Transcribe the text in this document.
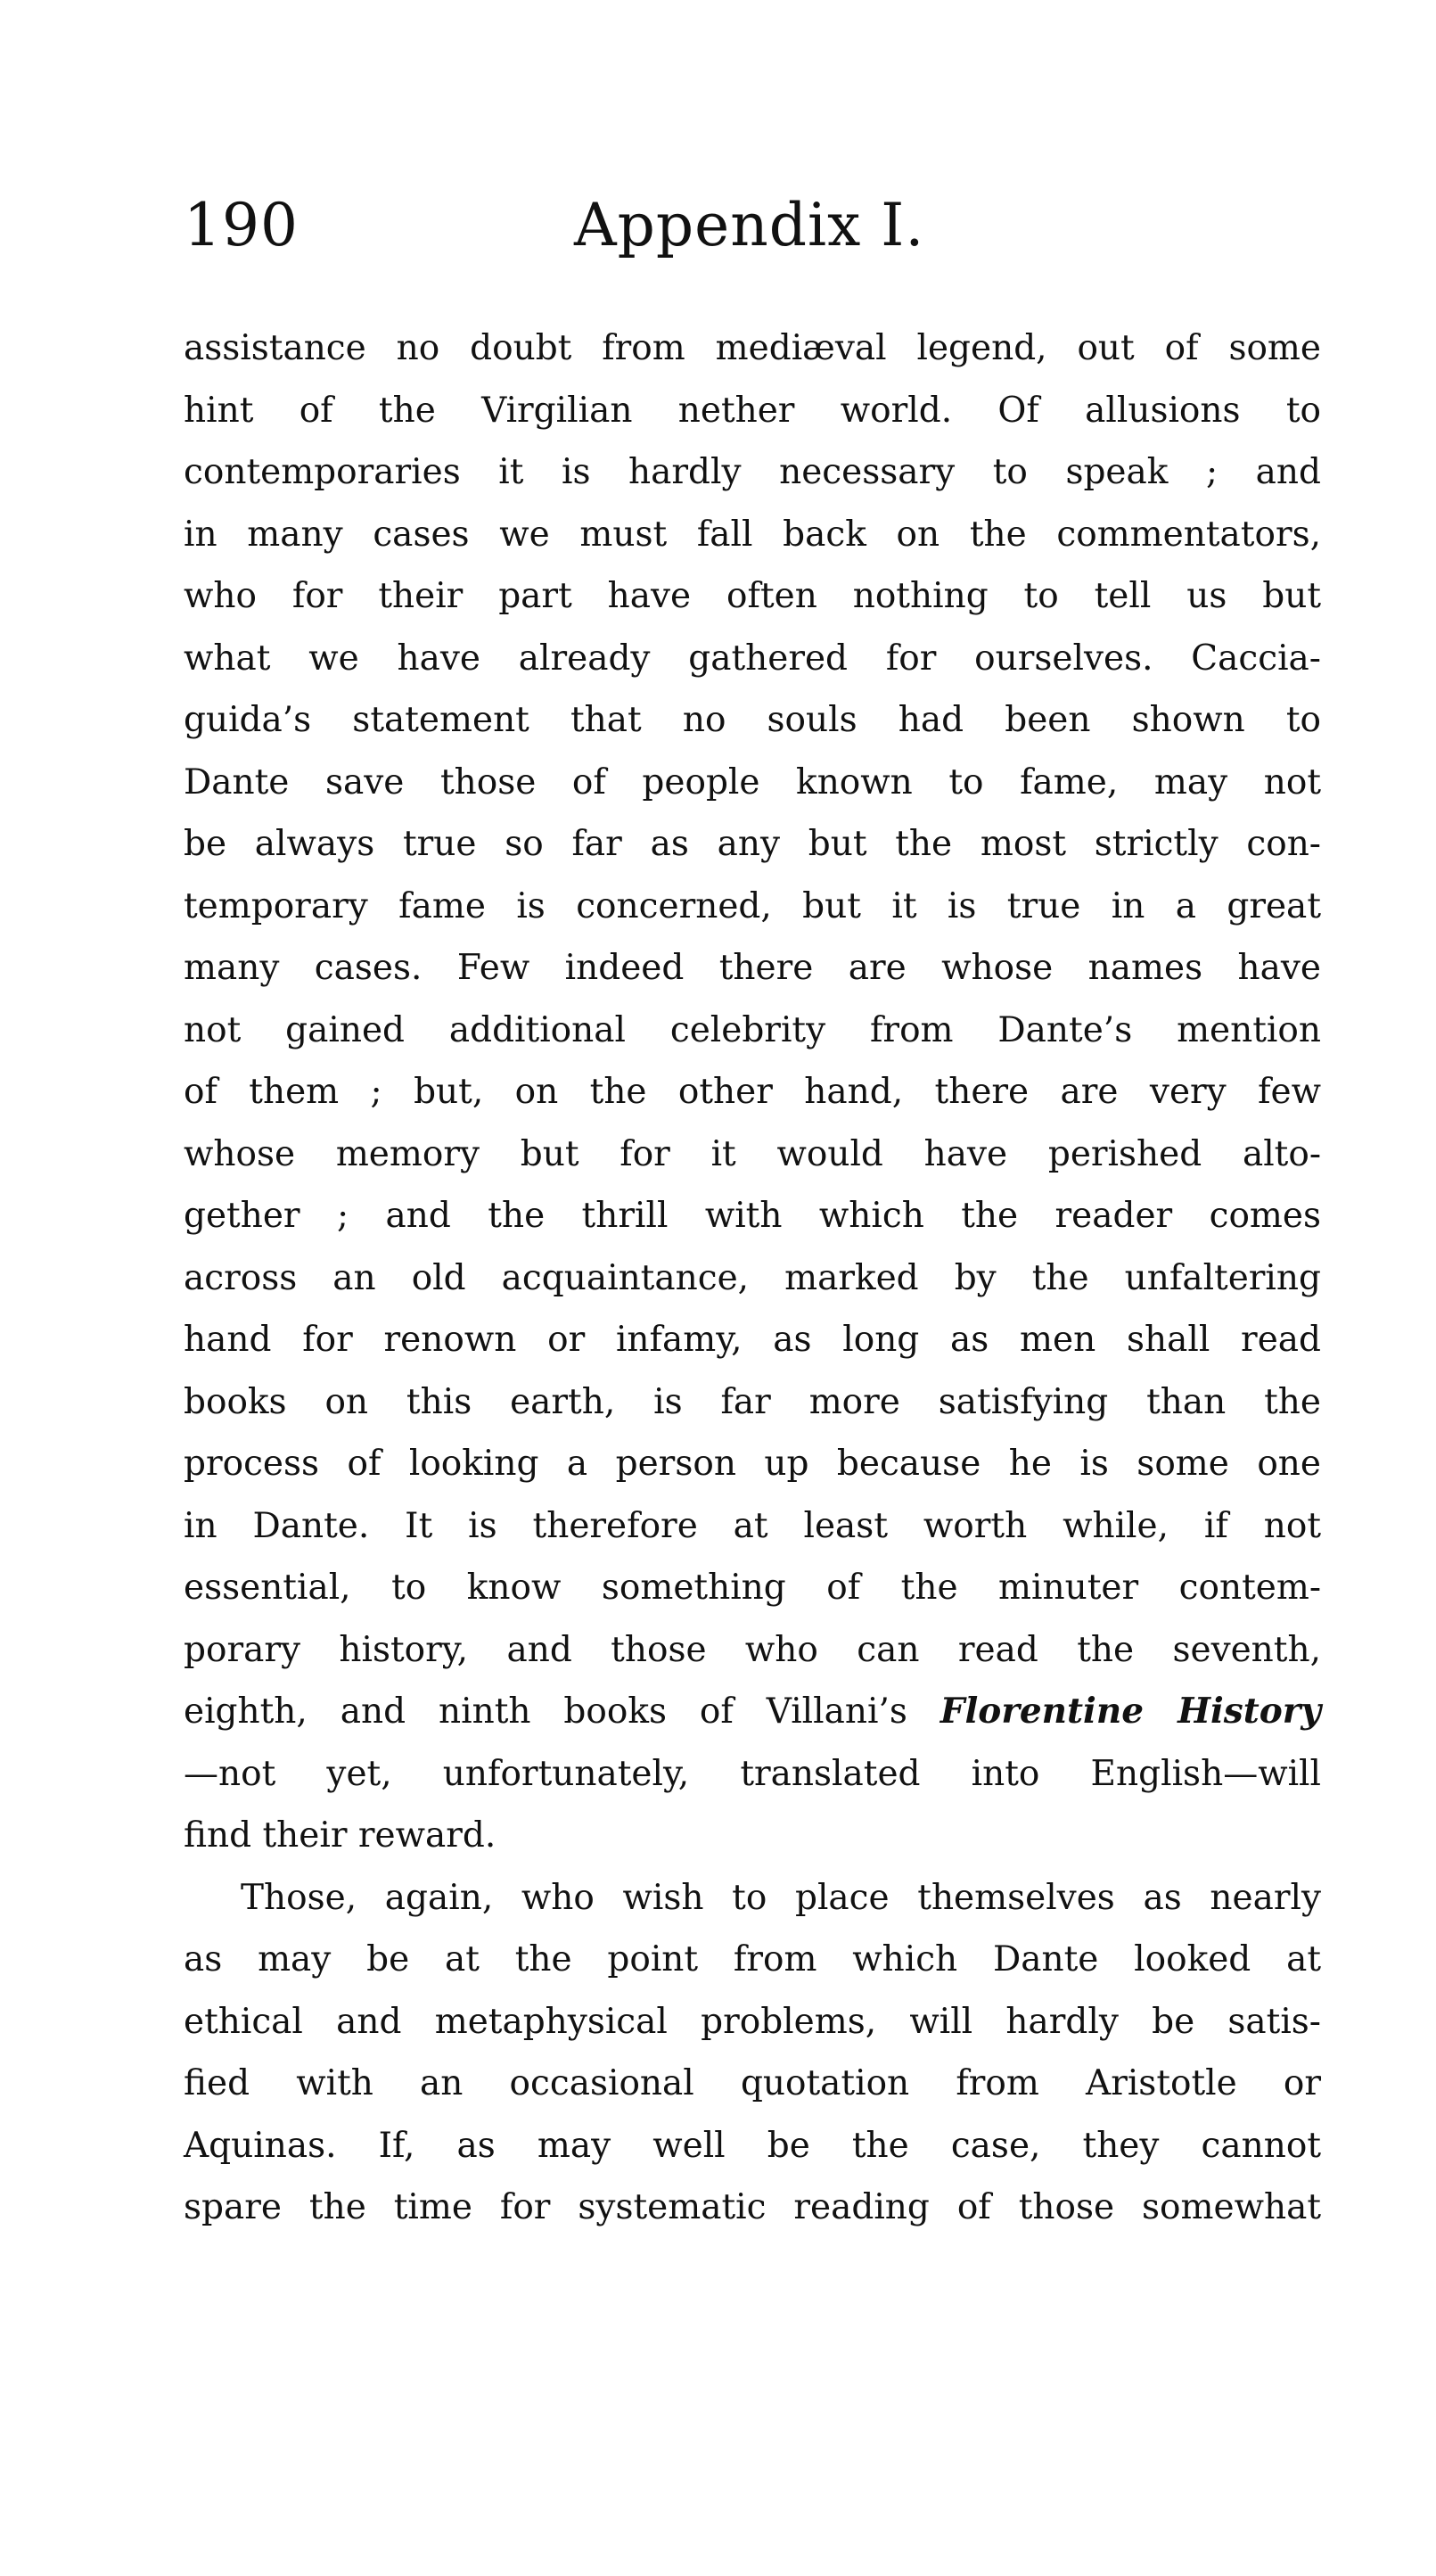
190	Appendix I.
assistance no doubt from mediæval legend, out of some
hint of the Virgilian nether world. Of allusions to
contemporaries it is hardly necessary to speak ; and
in many cases we must fall back on the commentators,
who for their part have often nothing to tell us but
what we have already gathered for ourselves. Caccia-
guida’s statement that no souls had been shown to
Dante save those of people known to fame, may not
be always true so far as any but the most strictly con-
temporary fame is concerned, but it is true in a great
many cases. Few indeed there are whose names have
not gained additional celebrity from Dante’s mention
of them ; but, on the other hand, there are very few
whose memory but for it would have perished alto-
gether ; and the thrill with which the reader comes
across an old acquaintance, marked by the unfaltering
hand for renown or infamy, as long as men shall read
books on this earth, is far more satisfying than the
process of looking a person up because he is some one
in Dante. It is therefore at least worth while, if not
essential, to know something of the minuter contem-
porary history, and those who can read the seventh,
eighth, and ninth books of Villani’s Florentine History
—not yet, unfortunately, translated into English—will
find their reward.
Those, again, who wish to place themselves as nearly
as may be at the point from which Dante looked at
ethical and metaphysical problems, will hardly be satis-
fied with an occasional quotation from Aristotle or
Aquinas. If, as may well be the case, they cannot
spare the time for systematic reading of those somewhat
